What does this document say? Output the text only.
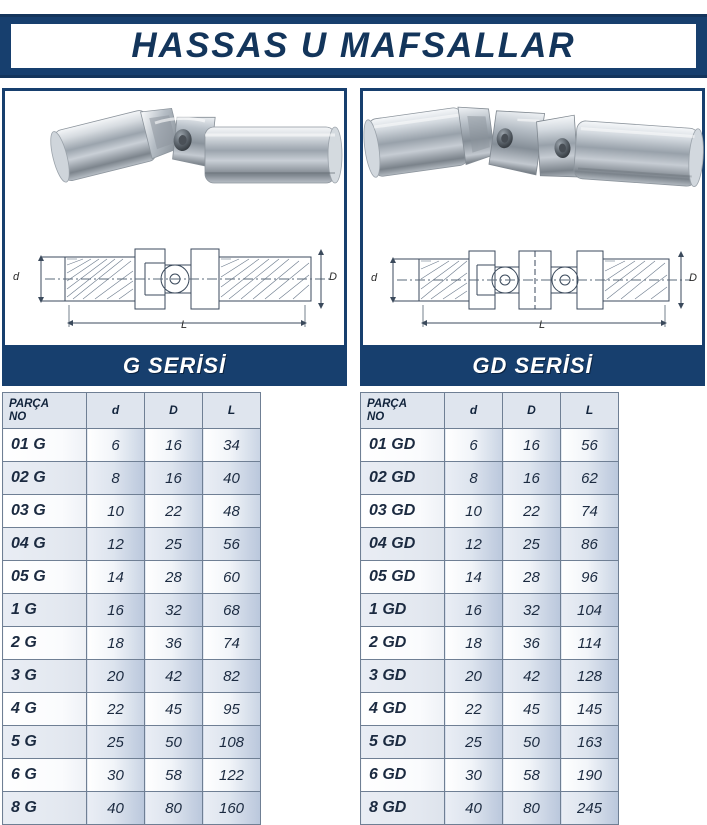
HASSAS U MAFSALLAR
d	D
L
G SERİSİ
PARÇA
NO	d	D	L
01 G	6	16	34
02 G	8	16	40
03 G	10	22	48
04 G	12	25	56
05 G	14	28	60
1 G	16	32	68
2 G	18	36	74
3 G	20	42	82
4 G	22	45	95
5 G	25	50	108
6 G	30	58	122
8 G	40	80	160
d	D
L
GD SERİSİ
PARÇA
NO	d	D	L
01 GD	6	16	56
02 GD	8	16	62
03 GD	10	22	74
04 GD	12	25	86
05 GD	14	28	96
1 GD	16	32	104
2 GD	18	36	114
3 GD	20	42	128
4 GD	22	45	145
5 GD	25	50	163
6 GD	30	58	190
8 GD	40	80	245
